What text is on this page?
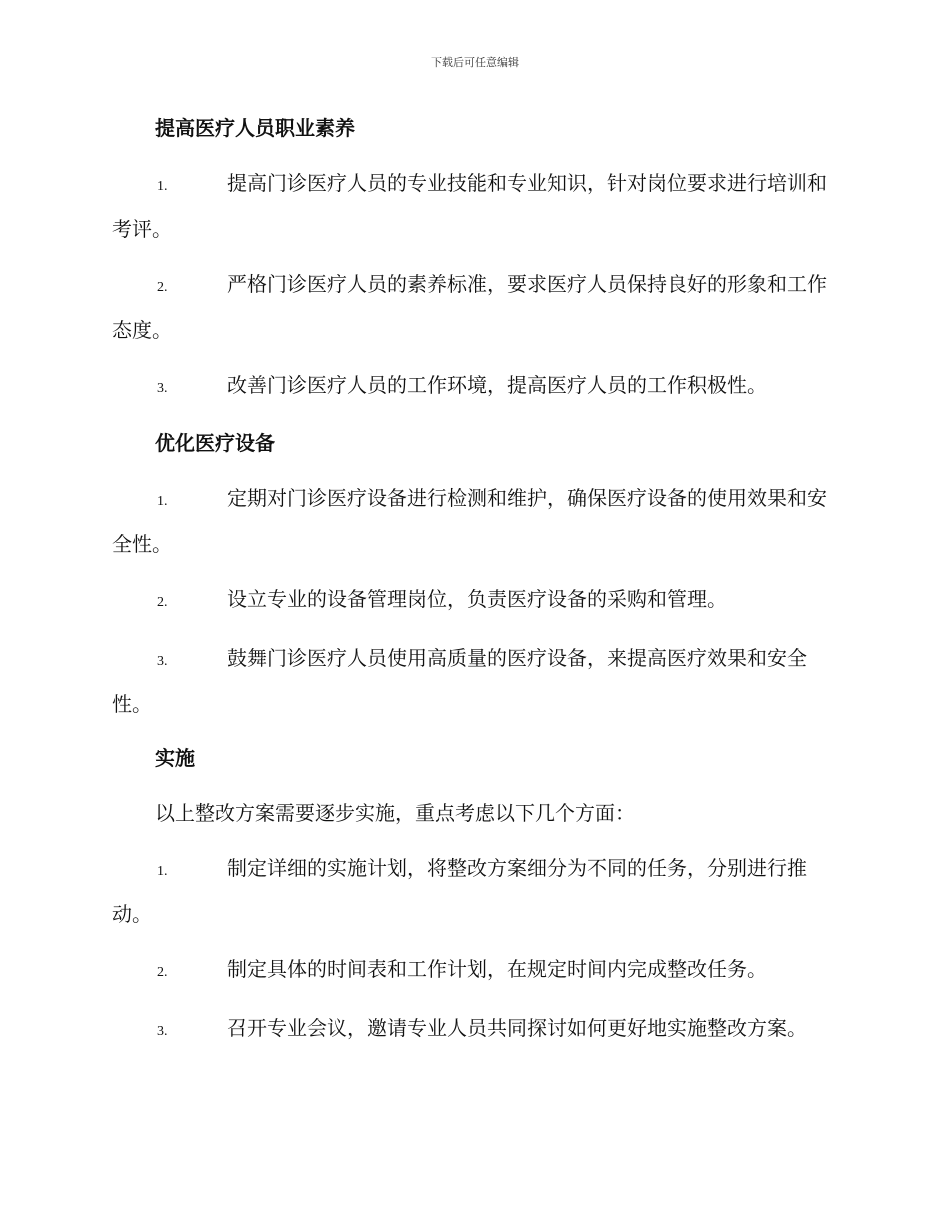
下载后可任意编辑
提高医疗人员职业素养
1.	提高门诊医疗人员的专业技能和专业知识，针对岗位要求进行培训和考评。
2.	严格门诊医疗人员的素养标准，要求医疗人员保持良好的形象和工作态度。
3.	改善门诊医疗人员的工作环境，提高医疗人员的工作积极性。
优化医疗设备
1.	定期对门诊医疗设备进行检测和维护，确保医疗设备的使用效果和安全性。
2.	设立专业的设备管理岗位，负责医疗设备的采购和管理。
3.	鼓舞门诊医疗人员使用高质量的医疗设备，来提高医疗效果和安全性。
实施
以上整改方案需要逐步实施，重点考虑以下几个方面：
1.	制定详细的实施计划，将整改方案细分为不同的任务，分别进行推动。
2.	制定具体的时间表和工作计划，在规定时间内完成整改任务。
3.	召开专业会议，邀请专业人员共同探讨如何更好地实施整改方案。
